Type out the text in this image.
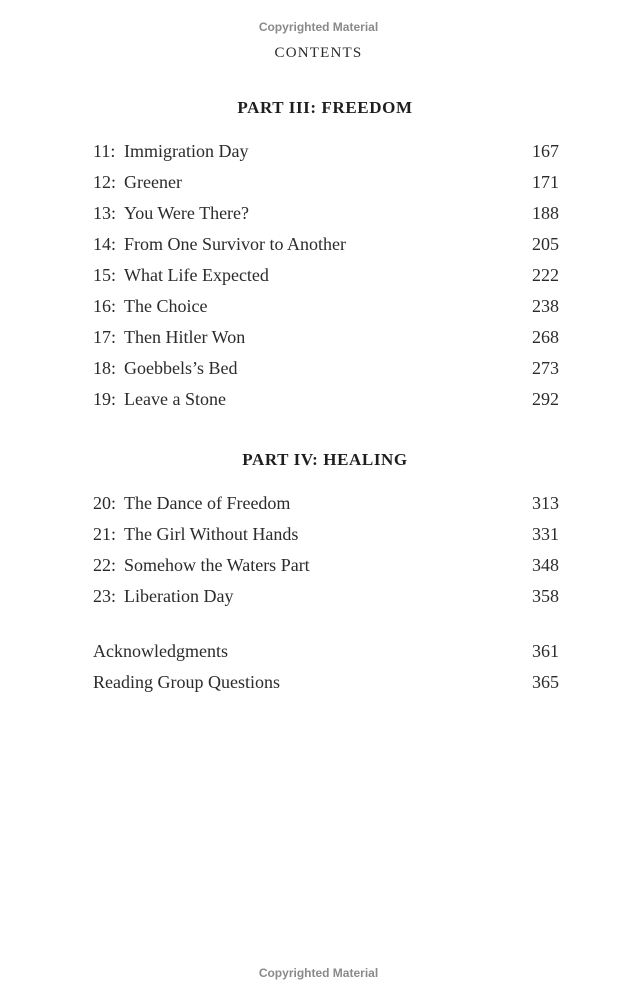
Copyrighted Material
CONTENTS
PART III: FREEDOM
11: Immigration Day	167
12: Greener	171
13: You Were There?	188
14: From One Survivor to Another	205
15: What Life Expected	222
16: The Choice	238
17: Then Hitler Won	268
18: Goebbels’s Bed	273
19: Leave a Stone	292
PART IV: HEALING
20: The Dance of Freedom	313
21: The Girl Without Hands	331
22: Somehow the Waters Part	348
23: Liberation Day	358
Acknowledgments	361
Reading Group Questions	365
Copyrighted Material
